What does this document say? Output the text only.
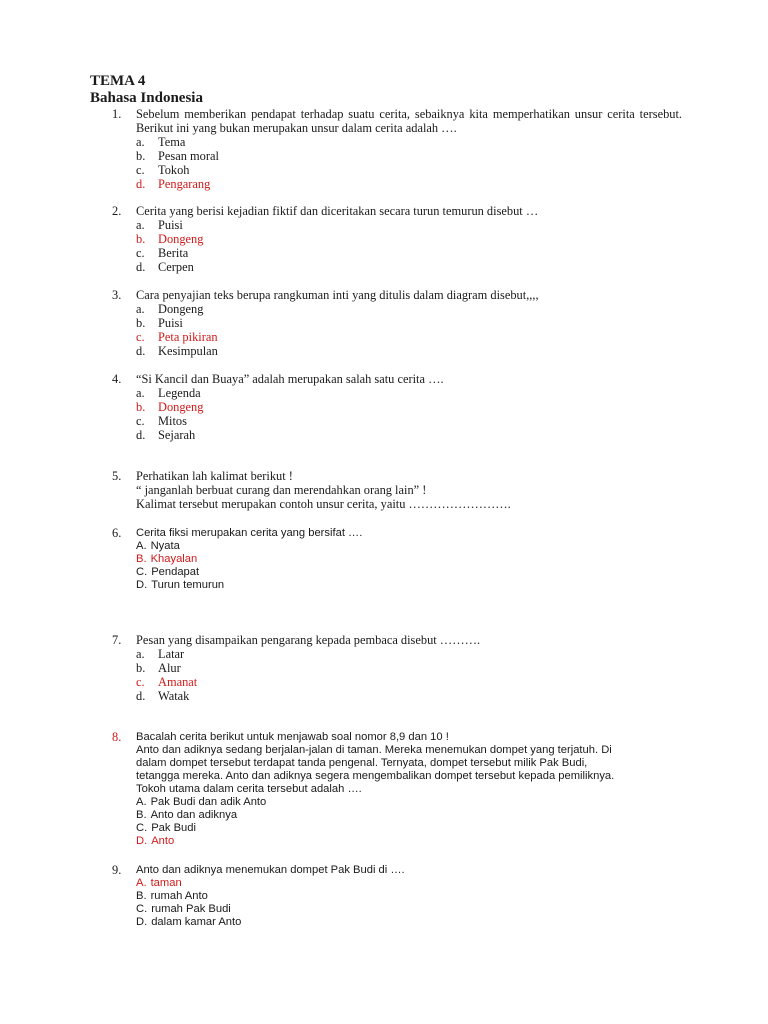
TEMA 4
Bahasa Indonesia
1.	Sebelum memberikan pendapat terhadap suatu cerita, sebaiknya kita memperhatikan unsur cerita tersebut. Berikut ini yang bukan merupakan unsur dalam cerita adalah ….
a. Tema
b. Pesan moral
c. Tokoh
d. Pengarang
2.	Cerita yang berisi kejadian fiktif dan diceritakan secara turun temurun disebut …
a. Puisi
b. Dongeng
c. Berita
d. Cerpen
3.	Cara penyajian teks berupa rangkuman inti yang ditulis dalam diagram disebut,,,,
a. Dongeng
b. Puisi
c. Peta pikiran
d. Kesimpulan
4.	“Si Kancil dan Buaya” adalah merupakan salah satu cerita ….
a. Legenda
b. Dongeng
c. Mitos
d. Sejarah
5.	Perhatikan lah kalimat berikut !
“ janganlah berbuat curang dan merendahkan orang lain” !
Kalimat tersebut merupakan contoh unsur cerita, yaitu …………………….
6.	Cerita fiksi merupakan cerita yang bersifat ….
A. Nyata
B. Khayalan
C. Pendapat
D. Turun temurun
7.	Pesan yang disampaikan pengarang kepada pembaca disebut ……….
a. Latar
b. Alur
c. Amanat
d. Watak
8.	Bacalah cerita berikut untuk menjawab soal nomor 8,9 dan 10 !
Anto dan adiknya sedang berjalan-jalan di taman. Mereka menemukan dompet yang terjatuh. Di
dalam dompet tersebut terdapat tanda pengenal. Ternyata, dompet tersebut milik Pak Budi,
tetangga mereka. Anto dan adiknya segera mengembalikan dompet tersebut kepada pemiliknya.
Tokoh utama dalam cerita tersebut adalah ….
A. Pak Budi dan adik Anto
B. Anto dan adiknya
C. Pak Budi
D. Anto
9.	Anto dan adiknya menemukan dompet Pak Budi di ….
A. taman
B. rumah Anto
C. rumah Pak Budi
D. dalam kamar Anto
